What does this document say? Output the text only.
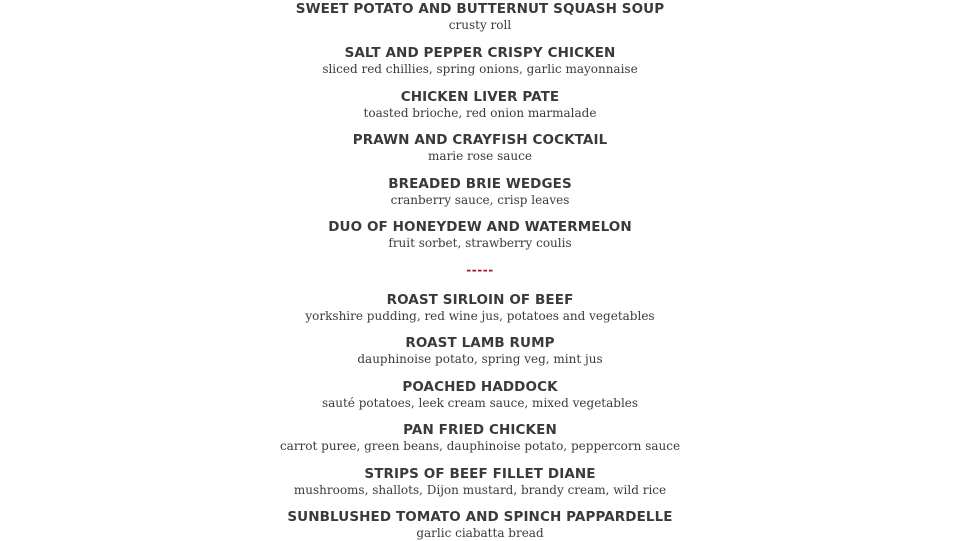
SWEET POTATO AND BUTTERNUT SQUASH SOUP
crusty roll
SALT AND PEPPER CRISPY CHICKEN
sliced red chillies, spring onions, garlic mayonnaise
CHICKEN LIVER PATE
toasted brioche, red onion marmalade
PRAWN AND CRAYFISH COCKTAIL
marie rose sauce
BREADED BRIE WEDGES
cranberry sauce, crisp leaves
DUO OF HONEYDEW AND WATERMELON
fruit sorbet, strawberry coulis
-----
ROAST SIRLOIN OF BEEF
yorkshire pudding, red wine jus, potatoes and vegetables
ROAST LAMB RUMP
dauphinoise potato, spring veg, mint jus
POACHED HADDOCK
sauté potatoes, leek cream sauce, mixed vegetables
PAN FRIED CHICKEN
carrot puree, green beans, dauphinoise potato, peppercorn sauce
STRIPS OF BEEF FILLET DIANE
mushrooms, shallots, Dijon mustard, brandy cream, wild rice
SUNBLUSHED TOMATO AND SPINCH PAPPARDELLE
garlic ciabatta bread
